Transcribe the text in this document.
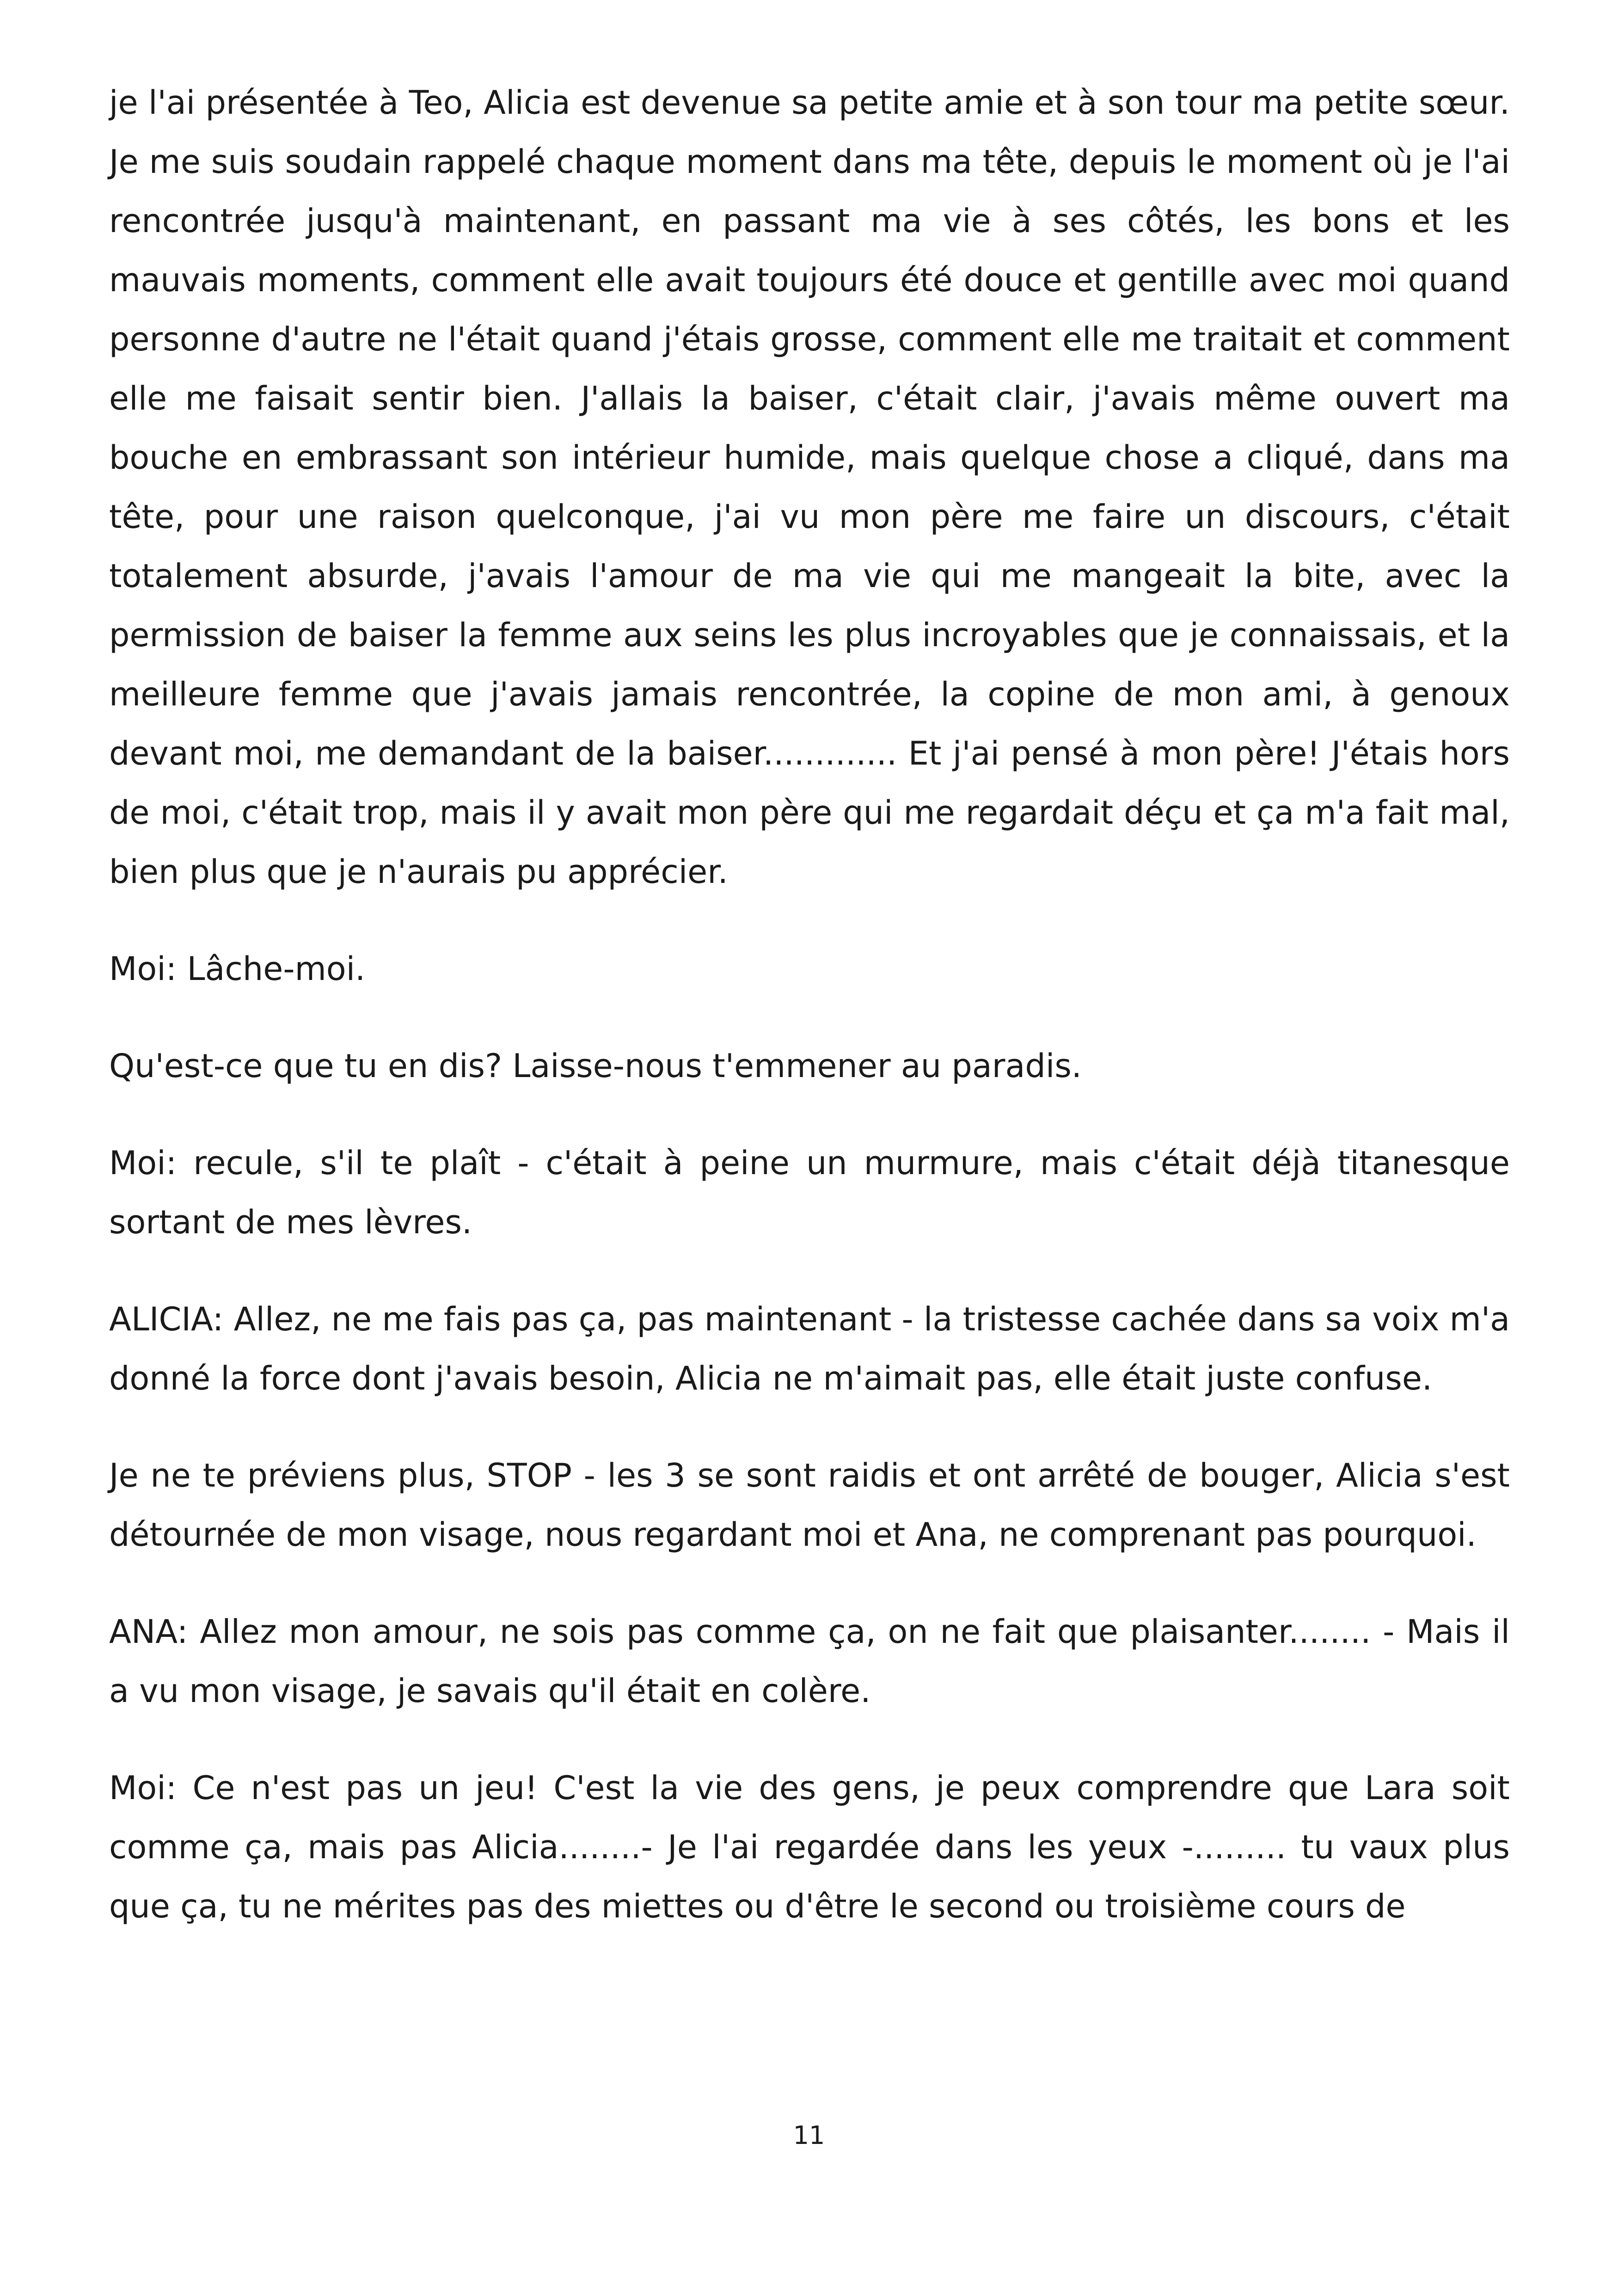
je l'ai présentée à Teo, Alicia est devenue sa petite amie et à son tour ma petite sœur. Je me suis soudain rappelé chaque moment dans ma tête, depuis le moment où je l'ai rencontrée jusqu'à maintenant, en passant ma vie à ses côtés, les bons et les mauvais moments, comment elle avait toujours été douce et gentille avec moi quand personne d'autre ne l'était quand j'étais grosse, comment elle me traitait et comment elle me faisait sentir bien. J'allais la baiser, c'était clair, j'avais même ouvert ma bouche en embrassant son intérieur humide, mais quelque chose a cliqué, dans ma tête, pour une raison quelconque, j'ai vu mon père me faire un discours, c'était totalement absurde, j'avais l'amour de ma vie qui me mangeait la bite, avec la permission de baiser la femme aux seins les plus incroyables que je connaissais, et la meilleure femme que j'avais jamais rencontrée, la copine de mon ami, à genoux devant moi, me demandant de la baiser............. Et j'ai pensé à mon père! J'étais hors de moi, c'était trop, mais il y avait mon père qui me regardait déçu et ça m'a fait mal, bien plus que je n'aurais pu apprécier.

Moi: Lâche-moi.

Qu'est-ce que tu en dis? Laisse-nous t'emmener au paradis.

Moi: recule, s'il te plaît - c'était à peine un murmure, mais c'était déjà titanesque sortant de mes lèvres.

ALICIA: Allez, ne me fais pas ça, pas maintenant - la tristesse cachée dans sa voix m'a donné la force dont j'avais besoin, Alicia ne m'aimait pas, elle était juste confuse.

Je ne te préviens plus, STOP - les 3 se sont raidis et ont arrêté de bouger, Alicia s'est détournée de mon visage, nous regardant moi et Ana, ne comprenant pas pourquoi.

ANA: Allez mon amour, ne sois pas comme ça, on ne fait que plaisanter........ - Mais il a vu mon visage, je savais qu'il était en colère.

Moi: Ce n'est pas un jeu! C'est la vie des gens, je peux comprendre que Lara soit comme ça, mais pas Alicia........- Je l'ai regardée dans les yeux -......... tu vaux plus que ça, tu ne mérites pas des miettes ou d'être le second ou troisième cours de

11
